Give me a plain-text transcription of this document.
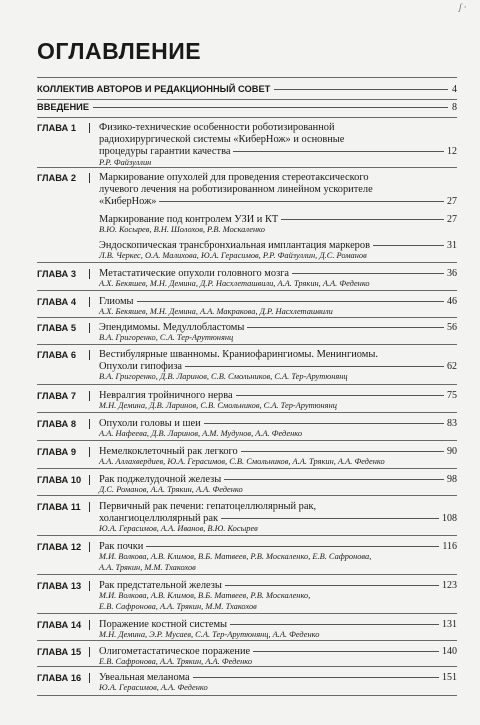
ʃ ·
ОГЛАВЛЕНИЕ
КОЛЛЕКТИВ АВТОРОВ И РЕДАКЦИОННЫЙ СОВЕТ	4
ВВЕДЕНИЕ	8
ГЛАВА 1 Физико-технические особенности роботизированной
радиохирургической системы «КиберНож» и основные
процедуры гарантии качества	12
Р.Р. Файзуллин
ГЛАВА 2 Маркирование опухолей для проведения стереотаксического
лучевого лечения на роботизированном линейном ускорителе
«КиберНож»	27
Маркирование под контролем УЗИ и КТ	27
В.Ю. Косырев, В.Н. Шолохов, Р.В. Москаленко
Эндоскопическая трансбронхиальная имплантация маркеров	31
Л.В. Черкес, О.А. Малихова, Ю.А. Герасимов, Р.Р. Файзуллин, Д.С. Романов
ГЛАВА 3 Метастатические опухоли головного мозга	36
А.Х. Бекяшев, М.Н. Демина, Д.Р. Насхлеташвили, А.А. Трякин, А.А. Феденко
ГЛАВА 4 Глиомы	46
А.Х. Бекяшев, М.Н. Демина, А.А. Макракова, Д.Р. Насхлеташвили
ГЛАВА 5 Эпендимомы. Медуллобластомы	56
В.А. Григоренко, С.А. Тер-Арутюнянц
ГЛАВА 6 Вестибулярные шванномы. Краниофарингиомы. Менингиомы.
Опухоли гипофиза	62
В.А. Григоренко, Д.В. Ларинов, С.В. Смольников, С.А. Тер-Арутюнянц
ГЛАВА 7 Невралгия тройничного нерва	75
М.Н. Демина, Д.В. Ларинов, С.В. Смольников, С.А. Тер-Арутюнянц
ГЛАВА 8 Опухоли головы и шеи	83
А.А. Нафеева, Д.В. Ларинов, А.М. Мудунов, А.А. Феденко
ГЛАВА 9 Немелкоклеточный рак легкого	90
А.А. Аллахвердиев, Ю.А. Герасимов, С.В. Смольников, А.А. Трякин, А.А. Феденко
ГЛАВА 10 Рак поджелудочной железы	98
Д.С. Романов, А.А. Трякин, А.А. Феденко
ГЛАВА 11 Первичный рак печени: гепатоцеллюлярный рак,
холангиоцеллюлярный рак	108
Ю.А. Герасимов, А.А. Иванов, В.Ю. Косырев
ГЛАВА 12 Рак почки	116
М.И. Волкова, А.В. Климов, В.Б. Матвеев, Р.В. Москаленко, Е.В. Сафронова,
А.А. Трякин, М.М. Тхакохов
ГЛАВА 13 Рак предстательной железы	123
М.И. Волкова, А.В. Климов, В.Б. Матвеев, Р.В. Москаленко,
Е.В. Сафронова, А.А. Трякин, М.М. Тхакохов
ГЛАВА 14 Поражение костной системы	131
М.Н. Демина, Э.Р. Мусаев, С.А. Тер-Арутюнянц, А.А. Феденко
ГЛАВА 15 Олигометастатическое поражение	140
Е.В. Сафронова, А.А. Трякин, А.А. Феденко
ГЛАВА 16 Увеальная меланома	151
Ю.А. Герасимов, А.А. Феденко
